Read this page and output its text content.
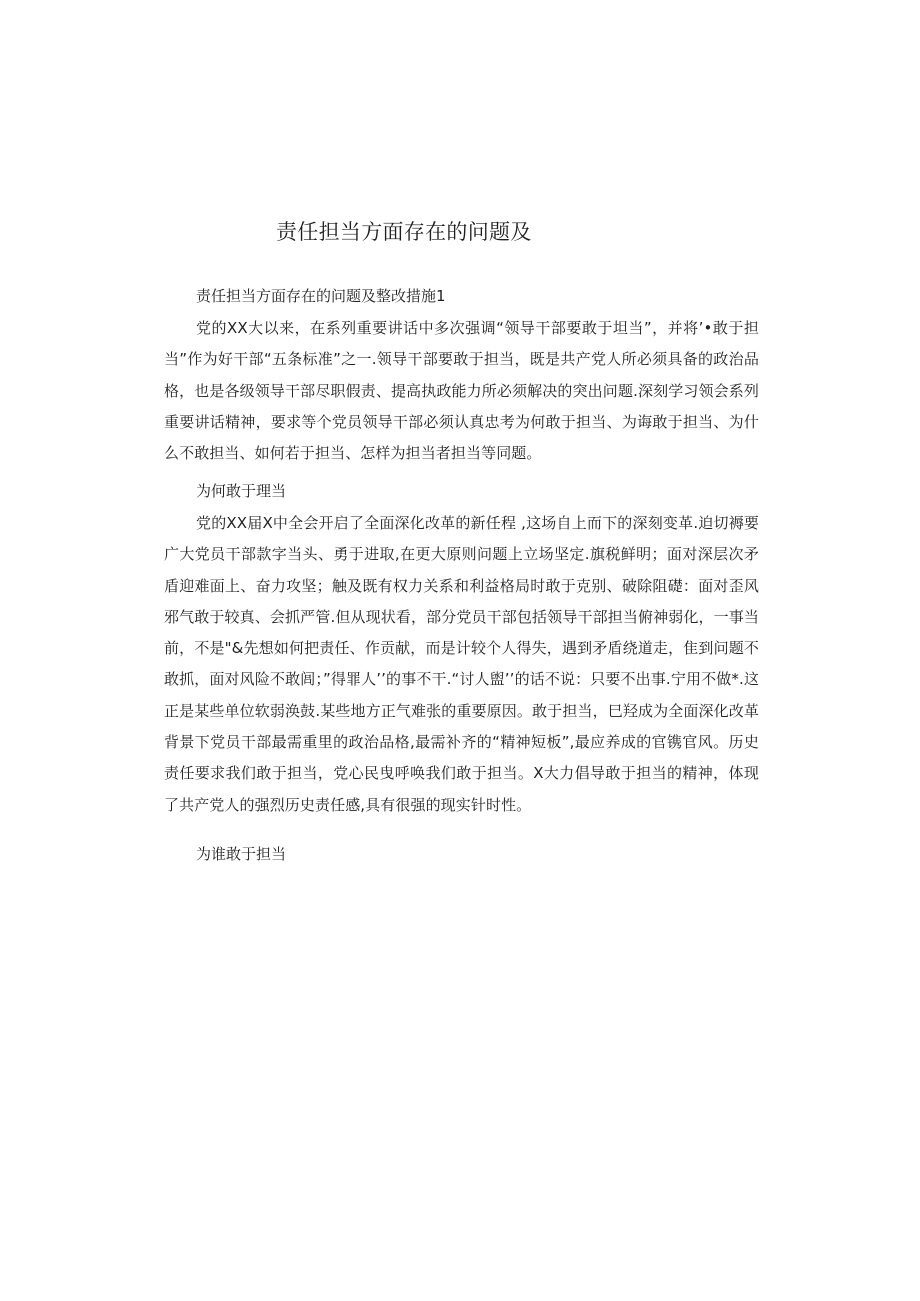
责任担当方面存在的问题及
责任担当方面存在的问题及整改措施1

党的XX大以来，在系列重要讲话中多次强调“领导干部要敢于坦当”，并将’•敢于担当”作为好干部“五条标准”之一.领导干部要敢于担当，既是共产党人所必须具备的政治品格，也是各级领导干部尽职假责、提高执政能力所必须解决的突出问题.深刻学习领会系列重要讲话精神，要求等个党员领导干部必须认真忠考为何敢于担当、为诲敢于担当、为什么不敢担当、如何若于担当、怎样为担当者担当等同题。

为何敢于理当

党的XX届X中全会开启了全面深化改革的新任程 ,这场自上而下的深刻变革.迫切褥要广大党员干部款字当头、勇于进取,在更大原则问题上立场坚定.旗税鲜明；面对深层次矛盾迎难面上、奋力攻坚；触及既有权力关系和利益格局时敢于克别、破除阻礎：面对歪风邪气敢于较真、会抓严管.但从现状看，部分党员干部包括领导干部担当俯神弱化，一事当前，不是"&先想如何把责任、作贡献，而是计较个人得失，遇到矛盾绕道走，隹到问题不敢抓，面对风险不敢闾；”得罪人’’的事不干.“讨人盥’’的话不说：只要不出事.宁用不做*.这正是某些单位软弱涣鼓.某些地方正气难张的重要原因。敢于担当，巳羟成为全面深化改革背景下党员干部最需重里的政治品格,最需补齐的“精神短板”,最应养成的官镌官风。历史责任要求我们敢于担当，党心民曳呼唤我们敢于担当。X大力倡导敢于担当的精神，体现了共产党人的强烈历史责任感,具有很强的现实针时性。

为谁敢于担当
